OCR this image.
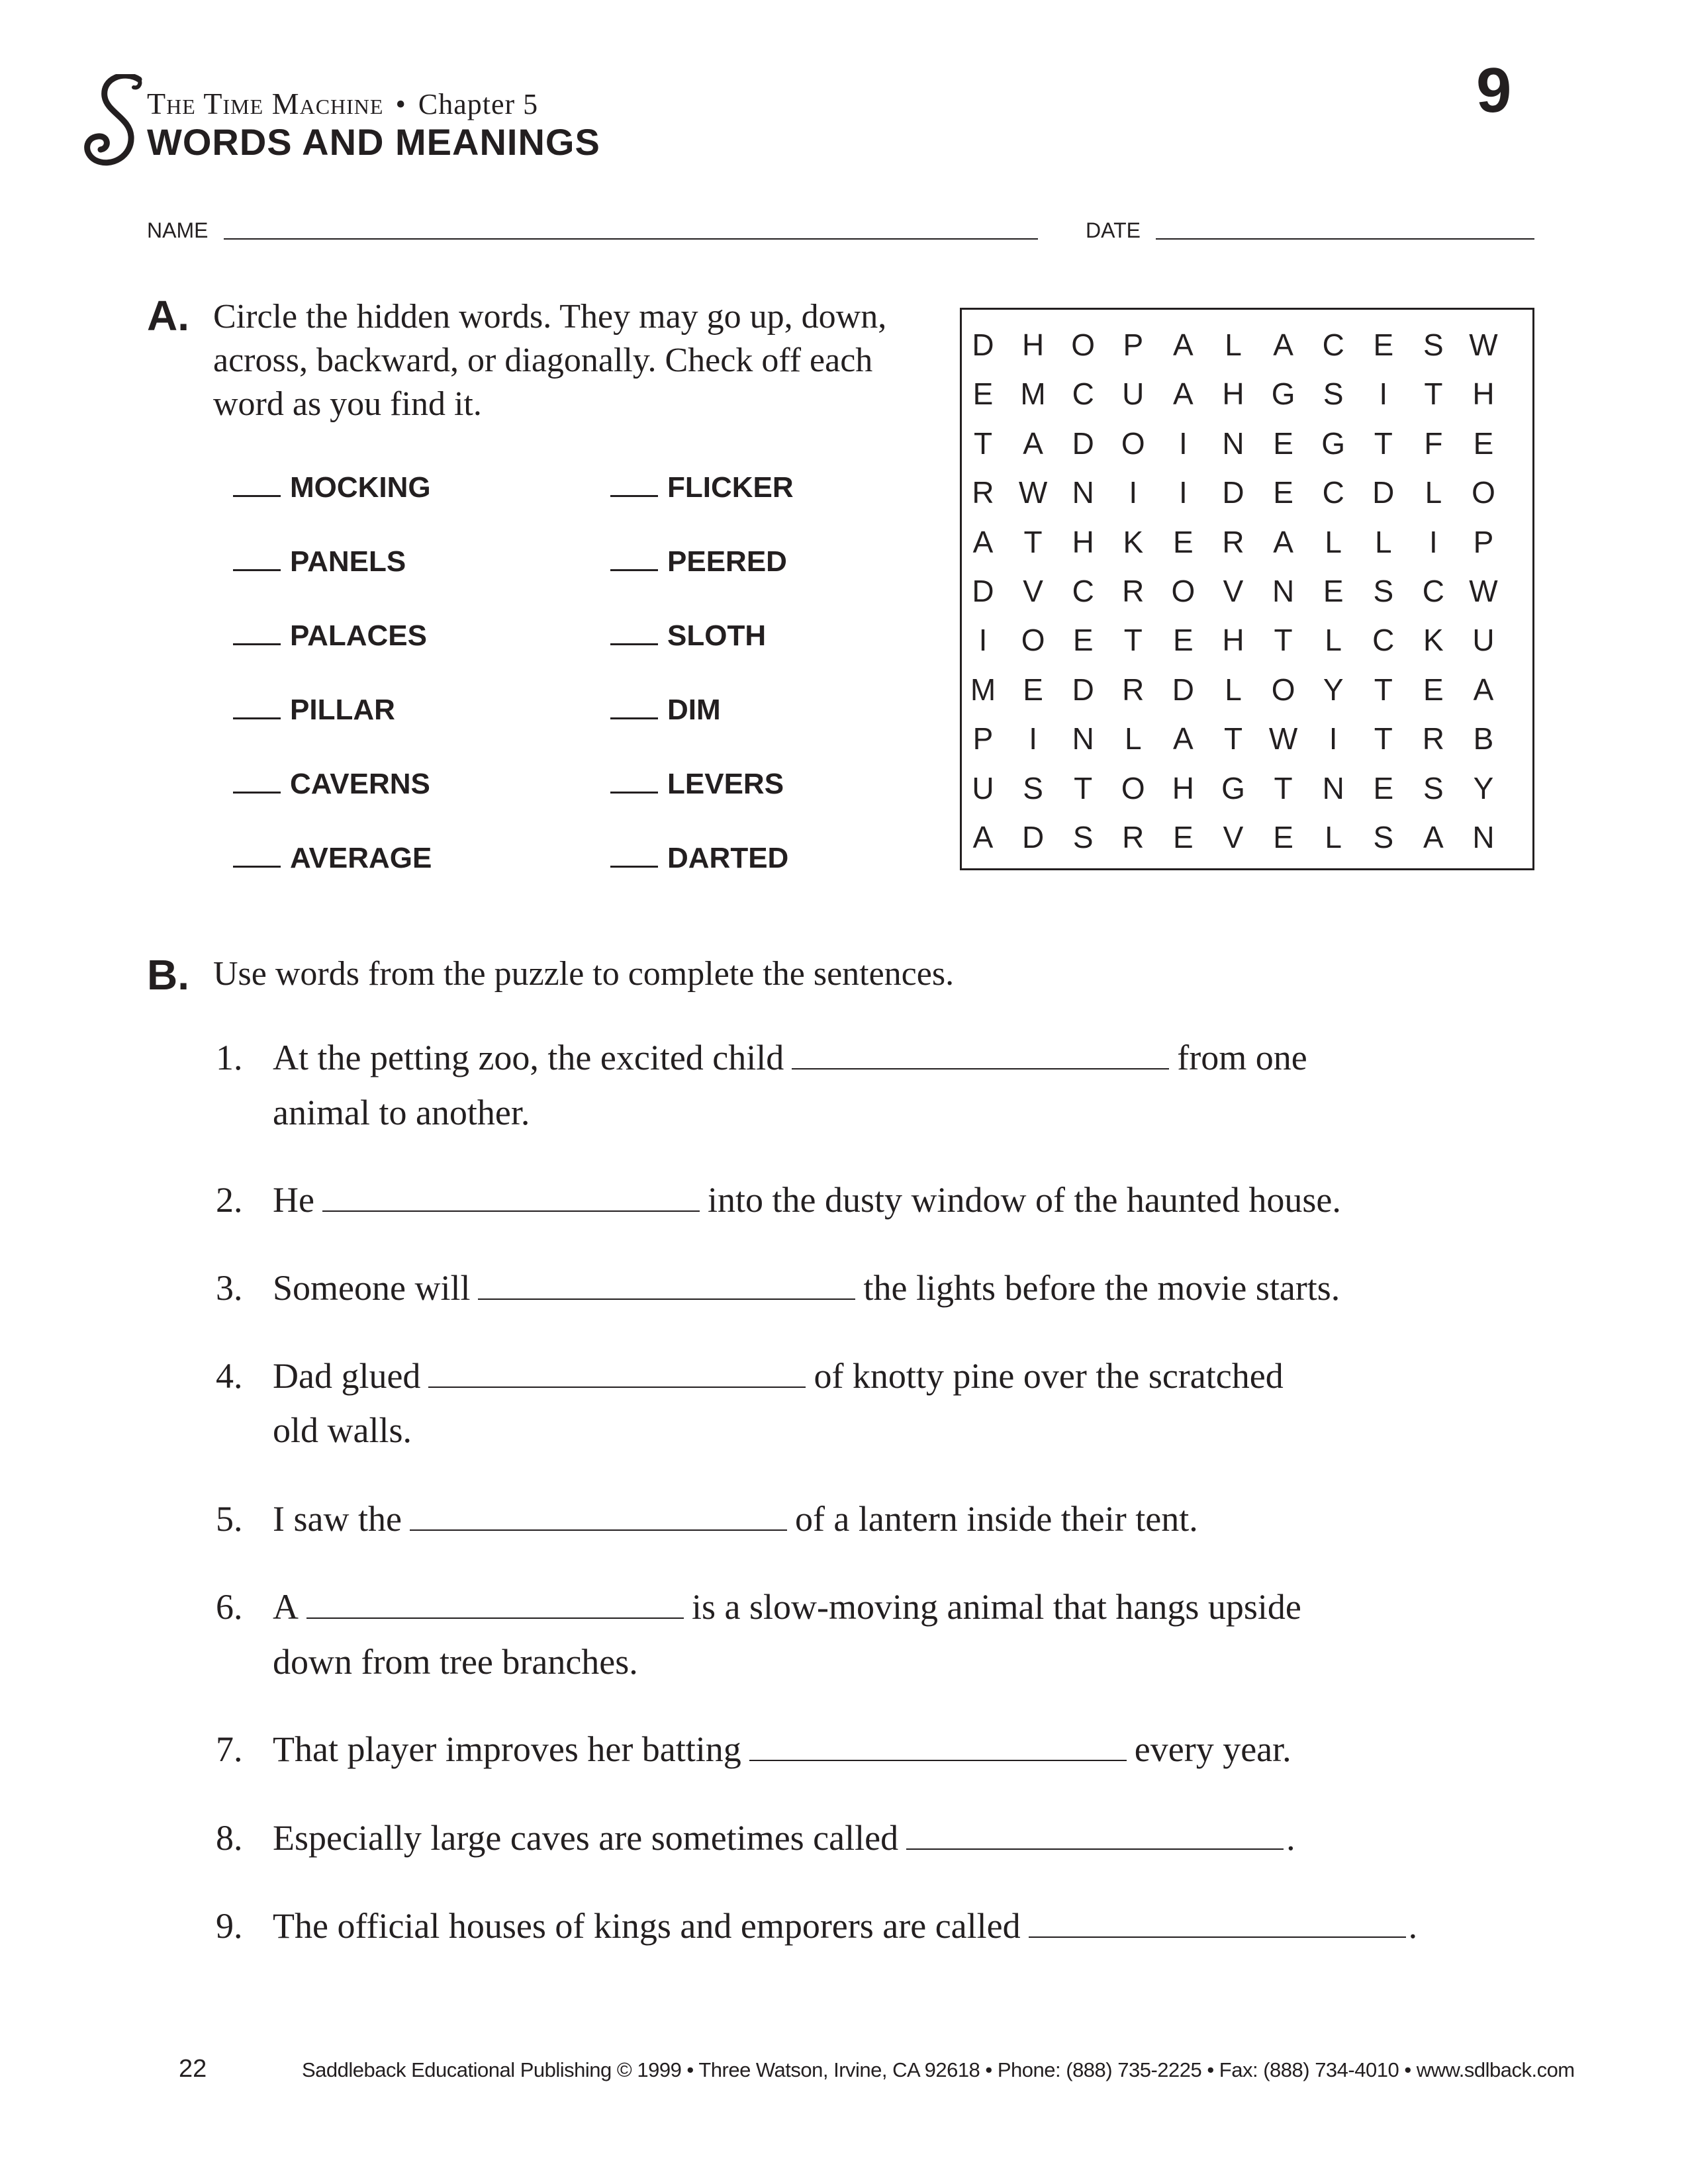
The Time Machine • Chapter 5
WORDS AND MEANINGS
9
NAME	DATE
A. Circle the hidden words. They may go up, down, across, backward, or diagonally. Check off each word as you find it.
MOCKING
PANELS
PALACES
PILLAR
CAVERNS
AVERAGE
FLICKER
PEERED
SLOTH
DIM
LEVERS
DARTED
D H O P A	L	A C E S W
E M C U A H G S	I	T H
T	A D O	I	N E G T	F	E
R W N	I	I	D E C D	L O
A	T H K E R A	L	L	I	P
D V C R O V N E S C W
I	O E	T	E H T	L	C K U
M E D R D	L O Y	T	E A
P	I	N	L	A	T W	I	T R B
U S	T O H G T N E S Y
A D S R E V E	L	S A N
B. Use words from the puzzle to complete the sentences.
1. At the petting zoo, the excited child	from one
animal to another.
2. He	into the dusty window of the haunted house.
3. Someone will	the lights before the movie starts.
4. Dad glued	of knotty pine over the scratched
old walls.
5. I saw the	of a lantern inside their tent.
6. A	is a slow-moving animal that hangs upside
down from tree branches.
7. That player improves her batting	every year.
8. Especially large caves are sometimes called	.
9. The official houses of kings and emporers are called	.
22	Saddleback Educational Publishing © 1999 • Three Watson, Irvine, CA 92618 • Phone: (888) 735-2225 • Fax: (888) 734-4010 • www.sdlback.com
